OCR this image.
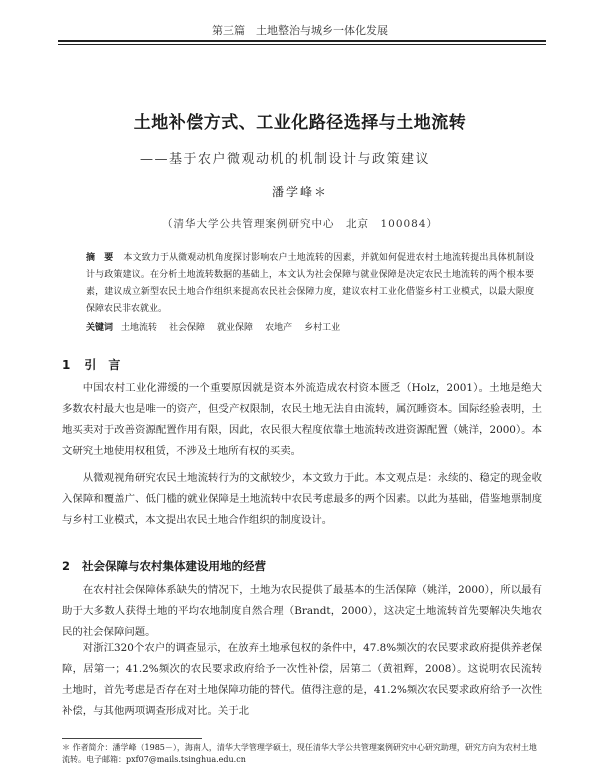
第三篇　土地整治与城乡一体化发展
土地补偿方式、工业化路径选择与土地流转
——基于农户微观动机的机制设计与政策建议
潘学峰＊
（清华大学公共管理案例研究中心　北京　100084）
摘　要 本文致力于从微观动机角度探讨影响农户土地流转的因素，并就如何促进农村土地流转提出具体机制设计与政策建议。在分析土地流转数据的基础上，本文认为社会保障与就业保障是决定农民土地流转的两个根本要素，建议成立新型农民土地合作组织来提高农民社会保障力度，建议农村工业化借鉴乡村工业模式，以最大限度保障农民非农就业。
关键词 土地流转 社会保障 就业保障 农地产 乡村工业
1 引　言

中国农村工业化滞缓的一个重要原因就是资本外流造成农村资本匮乏（Holz，2001）。土地是绝大多数农村最大也是唯一的资产，但受产权限制，农民土地无法自由流转，属沉睡资本。国际经验表明，土地买卖对于改善资源配置作用有限，因此，农民很大程度依靠土地流转改进资源配置（姚洋，2000）。本文研究土地使用权租赁，不涉及土地所有权的买卖。

从微观视角研究农民土地流转行为的文献较少，本文致力于此。本文观点是：永续的、稳定的现金收入保障和覆盖广、低门槛的就业保障是土地流转中农民考虑最多的两个因素。以此为基础，借鉴地票制度与乡村工业模式，本文提出农民土地合作组织的制度设计。

2 社会保障与农村集体建设用地的经营

在农村社会保障体系缺失的情况下，土地为农民提供了最基本的生活保障（姚洋，2000），所以最有助于大多数人获得土地的平均农地制度自然合理（Brandt，2000），这决定土地流转首先要解决失地农民的社会保障问题。

对浙江320个农户的调查显示，在放弃土地承包权的条件中，47.8%频次的农民要求政府提供养老保障，居第一；41.2%频次的农民要求政府给予一次性补偿，居第二（黄祖辉，2008）。这说明农民流转土地时，首先考虑是否存在对土地保障功能的替代。值得注意的是，41.2%频次农民要求政府给予一次性补偿，与其他两项调查形成对比。关于北

＊ 作者简介：潘学峰（1985－），海南人，清华大学管理学硕士，现任清华大学公共管理案例研究中心研究助理，研究方向为农村土地流转。电子邮箱：pxf07@mails.tsinghua.edu.cn
